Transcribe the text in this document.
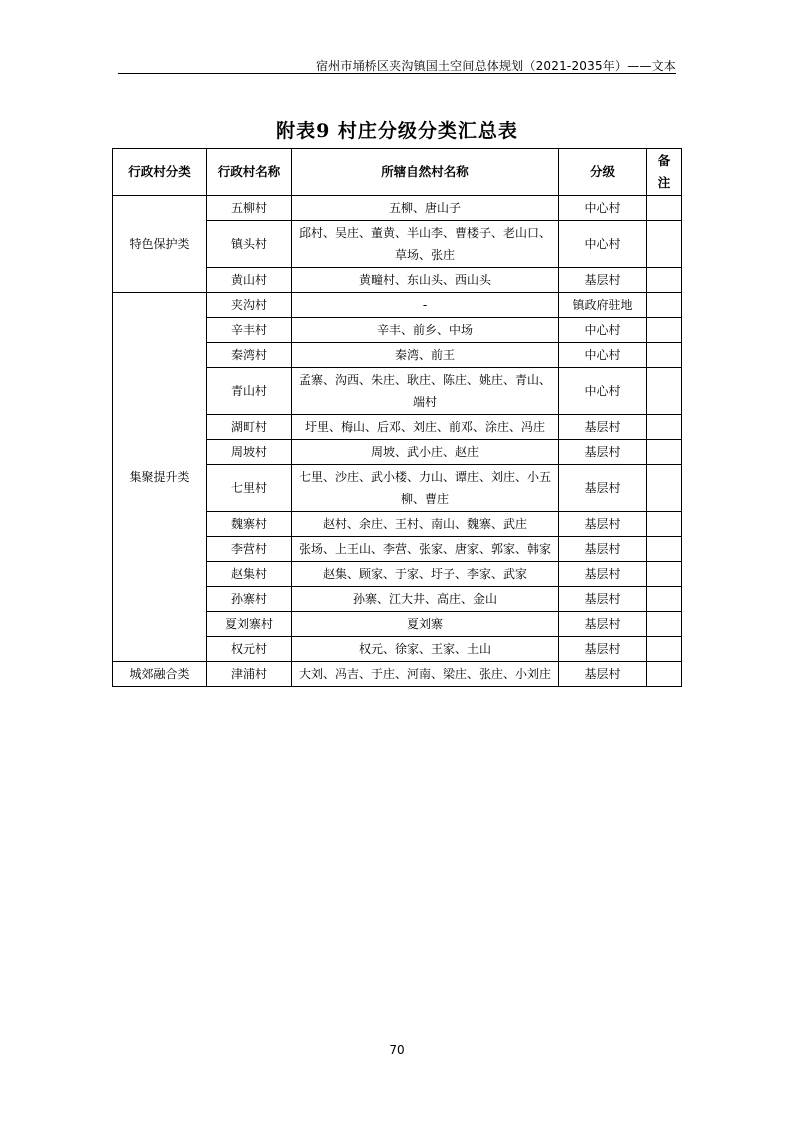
宿州市埇桥区夹沟镇国土空间总体规划（2021-2035年）——文本
附表9 村庄分级分类汇总表
行政村分类	行政村名称	所辖自然村名称	分级	备
注
特色保护类	五柳村	五柳、唐山子	中心村	
	镇头村	邱村、吴庄、董黄、半山李、曹楼子、老山口、草场、张庄	中心村	
	黄山村	黄疃村、东山头、西山头	基层村	
集聚提升类	夹沟村	-	镇政府驻地	
	辛丰村	辛丰、前乡、中场	中心村	
	秦湾村	秦湾、前王	中心村	
	青山村	孟寨、沟西、朱庄、耿庄、陈庄、姚庄、青山、端村	中心村	
	湖町村	圩里、梅山、后邓、刘庄、前邓、涂庄、冯庄	基层村	
	周坡村	周坡、武小庄、赵庄	基层村	
	七里村	七里、沙庄、武小楼、力山、谭庄、刘庄、小五柳、曹庄	基层村	
	魏寨村	赵村、余庄、王村、南山、魏寨、武庄	基层村	
	李营村	张场、上王山、李营、张家、唐家、郭家、韩家	基层村	
	赵集村	赵集、顾家、于家、圩子、李家、武家	基层村	
	孙寨村	孙寨、江大井、高庄、金山	基层村	
	夏刘寨村	夏刘寨	基层村	
	权元村	权元、徐家、王家、土山	基层村	
城郊融合类	津浦村	大刘、冯吉、于庄、河南、梁庄、张庄、小刘庄	基层村	
70
